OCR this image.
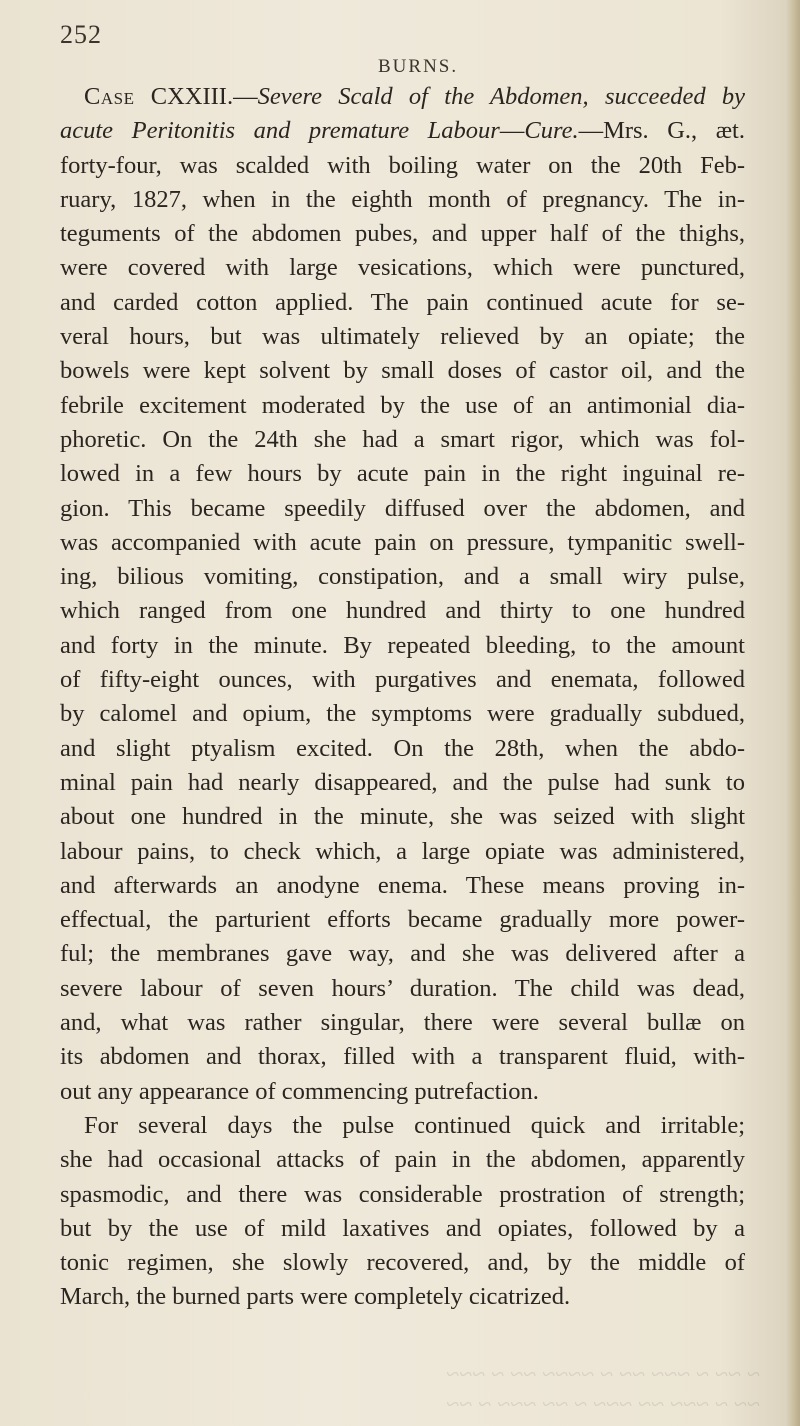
252
BURNS.
Case CXXIII.—Severe Scald of the Abdomen, succeeded by
acute Peritonitis and premature Labour—Cure.—Mrs. G., æt.
forty-four, was scalded with boiling water on the 20th Feb-
ruary, 1827, when in the eighth month of pregnancy. The in-
teguments of the abdomen pubes, and upper half of the thighs,
were covered with large vesications, which were punctured,
and carded cotton applied. The pain continued acute for se-
veral hours, but was ultimately relieved by an opiate; the
bowels were kept solvent by small doses of castor oil, and the
febrile excitement moderated by the use of an antimonial dia-
phoretic. On the 24th she had a smart rigor, which was fol-
lowed in a few hours by acute pain in the right inguinal re-
gion. This became speedily diffused over the abdomen, and
was accompanied with acute pain on pressure, tympanitic swell-
ing, bilious vomiting, constipation, and a small wiry pulse,
which ranged from one hundred and thirty to one hundred
and forty in the minute. By repeated bleeding, to the amount
of fifty-eight ounces, with purgatives and enemata, followed
by calomel and opium, the symptoms were gradually subdued,
and slight ptyalism excited. On the 28th, when the abdo-
minal pain had nearly disappeared, and the pulse had sunk to
about one hundred in the minute, she was seized with slight
labour pains, to check which, a large opiate was administered,
and afterwards an anodyne enema. These means proving in-
effectual, the parturient efforts became gradually more power-
ful; the membranes gave way, and she was delivered after a
severe labour of seven hours’ duration. The child was dead,
and, what was rather singular, there were several bullæ on
its abdomen and thorax, filled with a transparent fluid, with-
out any appearance of commencing putrefaction.
For several days the pulse continued quick and irritable;
she had occasional attacks of pain in the abdomen, apparently
spasmodic, and there was considerable prostration of strength;
but by the use of mild laxatives and opiates, followed by a
tonic regimen, she slowly recovered, and, by the middle of
March, the burned parts were completely cicatrized.
~ ~~ ~ ~~~ ~~ ~ ~~~~ ~~ ~ ~~~
~~ ~ ~~~ ~~ ~~~ ~ ~~ ~~~ ~ ~~
